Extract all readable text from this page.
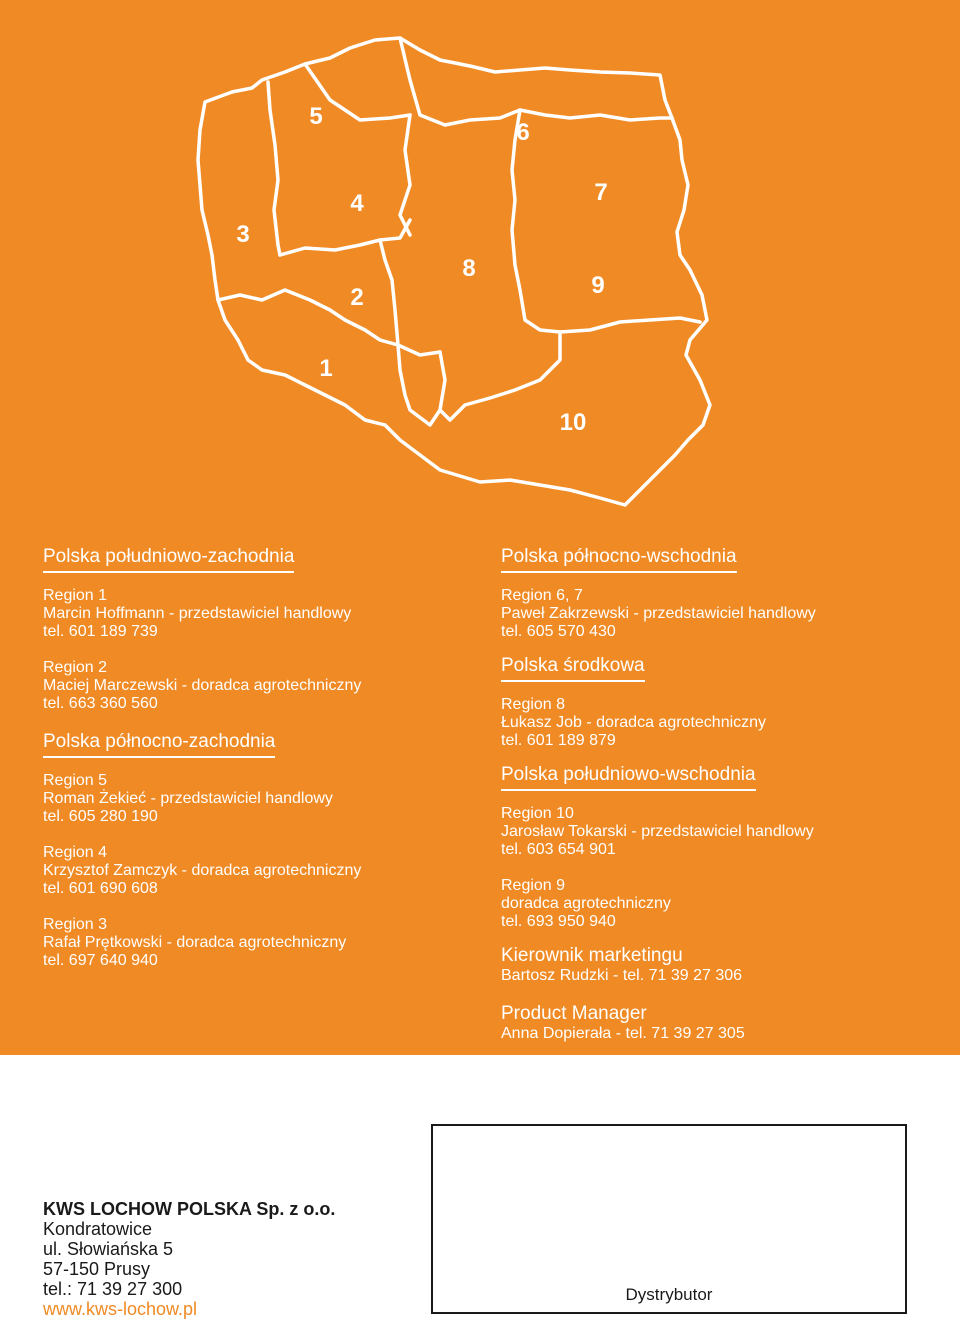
5
6
7
4
3
8
9
2
1
10
Polska południowo-zachodnia
Region 1
Marcin Hoffmann - przedstawiciel handlowy
tel. 601 189 739
Region 2
Maciej Marczewski - doradca agrotechniczny
tel. 663 360 560
Polska północno-zachodnia
Region 5
Roman Żekieć - przedstawiciel handlowy
tel. 605 280 190
Region 4
Krzysztof Zamczyk - doradca agrotechniczny
tel. 601 690 608
Region 3
Rafał Prętkowski - doradca agrotechniczny
tel. 697 640 940
Polska północno-wschodnia
Region 6, 7
Paweł Zakrzewski - przedstawiciel handlowy
tel. 605 570 430
Polska środkowa
Region 8
Łukasz Job - doradca agrotechniczny
tel. 601 189 879
Polska południowo-wschodnia
Region 10
Jarosław Tokarski - przedstawiciel handlowy
tel. 603 654 901
Region 9
doradca agrotechniczny
tel. 693 950 940
Kierownik marketingu
Bartosz Rudzki - tel. 71 39 27 306
Product Manager
Anna Dopierała - tel. 71 39 27 305
KWS LOCHOW POLSKA Sp. z o.o.
Kondratowice
ul. Słowiańska 5
57-150 Prusy
tel.: 71 39 27 300
www.kws-lochow.pl
Dystrybutor
